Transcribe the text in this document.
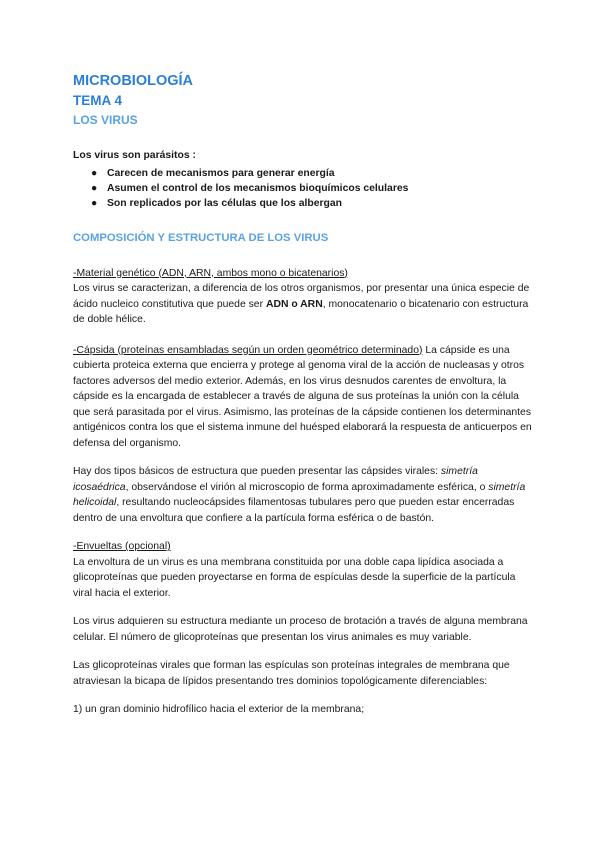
MICROBIOLOGÍA
TEMA 4
LOS VIRUS

Los virus son parásitos :

● Carecen de mecanismos para generar energía
● Asumen el control de los mecanismos bioquímicos celulares
● Son replicados por las células que los albergan
COMPOSICIÓN Y ESTRUCTURA DE LOS VIRUS

-Material genético (ADN, ARN, ambos mono o bicatenarios)
Los virus se caracterizan, a diferencia de los otros organismos, por presentar una única especie de ácido nucleico constitutiva que puede ser ADN o ARN, monocatenario o bicatenario con estructura de doble hélice.

-Cápsida (proteínas ensambladas según un orden geométrico determinado) La cápside es una cubierta proteica externa que encierra y protege al genoma viral de la acción de nucleasas y otros factores adversos del medio exterior. Además, en los virus desnudos carentes de envoltura, la cápside es la encargada de establecer a través de alguna de sus proteínas la unión con la célula que será parasitada por el virus. Asimismo, las proteínas de la cápside contienen los determinantes antigénicos contra los que el sistema inmune del huésped elaborará la respuesta de anticuerpos en defensa del organismo.

Hay dos tipos básicos de estructura que pueden presentar las cápsides virales: simetría icosaédrica, observándose el virión al microscopio de forma aproximadamente esférica, o simetría helicoidal, resultando nucleocápsides filamentosas tubulares pero que pueden estar encerradas dentro de una envoltura que confiere a la partícula forma esférica o de bastón.

-Envueltas (opcional)
La envoltura de un virus es una membrana constituida por una doble capa lipídica asociada a glicoproteínas que pueden proyectarse en forma de espículas desde la superficie de la partícula viral hacia el exterior.

Los virus adquieren su estructura mediante un proceso de brotación a través de alguna membrana celular. El número de glicoproteínas que presentan los virus animales es muy variable.

Las glicoproteínas virales que forman las espículas son proteínas integrales de membrana que atraviesan la bicapa de lípidos presentando tres dominios topológicamente diferenciables:

1) un gran dominio hidrofílico hacia el exterior de la membrana;
